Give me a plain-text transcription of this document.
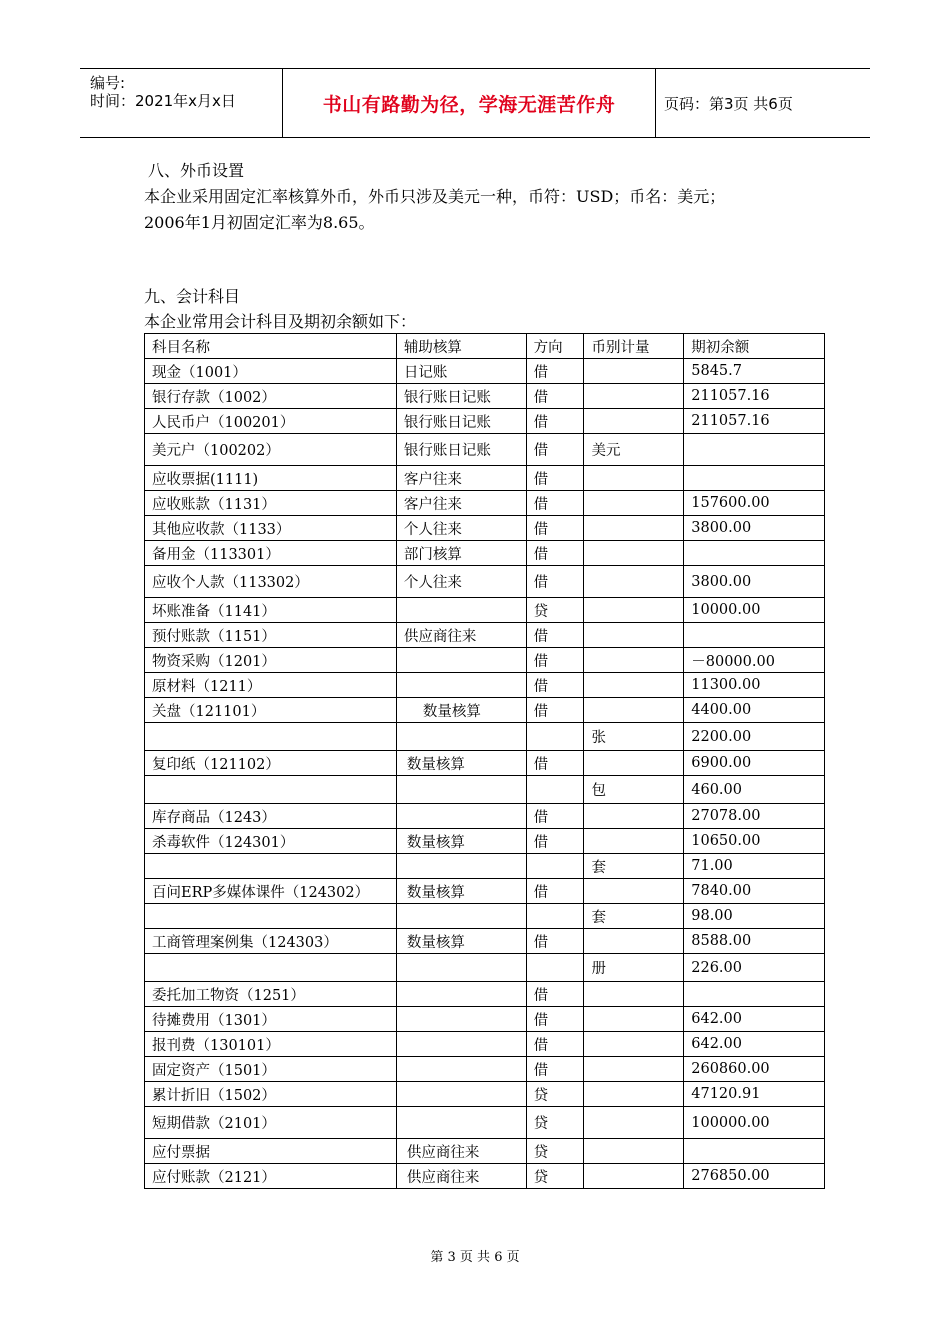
编号:
时间：2021年x月x日	书山有路勤为径，学海无涯苦作舟	页码：第3页 共6页
八、外币设置
本企业采用固定汇率核算外币，外币只涉及美元一种，币符：USD；币名：美元；
2006年1月初固定汇率为8.65。
九、会计科目
本企业常用会计科目及期初余额如下：
科目名称	辅助核算	方向	币别计量	期初余额
现金（1001）	日记账	借		5845.7
银行存款（1002）	银行账日记账	借		211057.16
人民币户（100201）	银行账日记账	借		211057.16
美元户（100202）	银行账日记账	借	美元	
应收票据(1111)	客户往来	借		
应收账款（1131）	客户往来	借		157600.00
其他应收款（1133）	个人往来	借		3800.00
备用金（113301）	部门核算	借		
应收个人款（113302）	个人往来	借		3800.00
坏账准备（1141）		贷		10000.00
预付账款（1151）	供应商往来	借		
物资采购（1201）		借		－80000.00
原材料（1211）		借		11300.00
关盘（121101）	数量核算	借		4400.00
			张	2200.00
复印纸（121102）	数量核算	借		6900.00
			包	460.00
库存商品（1243）		借		27078.00
杀毒软件（124301）	数量核算	借		10650.00
			套	71.00
百问ERP多媒体课件（124302）	数量核算	借		7840.00
			套	98.00
工商管理案例集（124303）	数量核算	借		8588.00
			册	226.00
委托加工物资（1251）		借		
待摊费用（1301）		借		642.00
报刊费（130101）		借		642.00
固定资产（1501）		借		260860.00
累计折旧（1502）		贷		47120.91
短期借款（2101）		贷		100000.00
应付票据	供应商往来	贷		
应付账款（2121）	供应商往来	贷		276850.00
第 3 页 共 6 页
